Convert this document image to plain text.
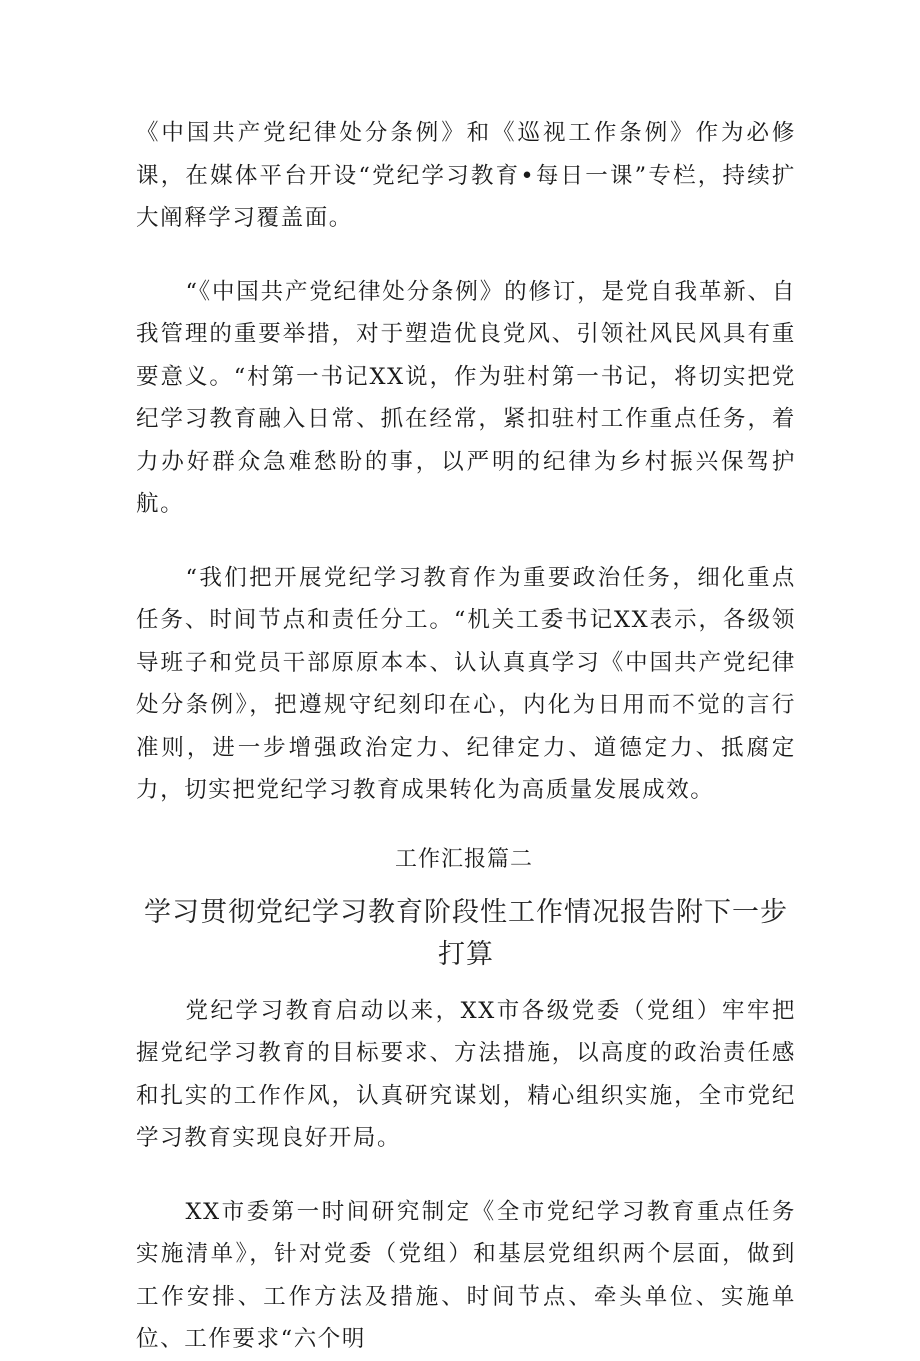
《中国共产党纪律处分条例》和《巡视工作条例》作为必修课，在媒体平台开设“党纪学习教育•每日一课”专栏，持续扩大阐释学习覆盖面。

“《中国共产党纪律处分条例》的修订，是党自我革新、自我管理的重要举措，对于塑造优良党风、引领社风民风具有重要意义。“村第一书记XX说，作为驻村第一书记，将切实把党纪学习教育融入日常、抓在经常，紧扣驻村工作重点任务，着力办好群众急难愁盼的事，以严明的纪律为乡村振兴保驾护航。

“我们把开展党纪学习教育作为重要政治任务，细化重点任务、时间节点和责任分工。“机关工委书记XX表示，各级领导班子和党员干部原原本本、认认真真学习《中国共产党纪律处分条例》，把遵规守纪刻印在心，内化为日用而不觉的言行准则，进一步增强政治定力、纪律定力、道德定力、抵腐定力，切实把党纪学习教育成果转化为高质量发展成效。

工作汇报篇二
学习贯彻党纪学习教育阶段性工作情况报告附下一步打算

党纪学习教育启动以来，XX市各级党委（党组）牢牢把握党纪学习教育的目标要求、方法措施，以高度的政治责任感和扎实的工作作风，认真研究谋划，精心组织实施，全市党纪学习教育实现良好开局。

XX市委第一时间研究制定《全市党纪学习教育重点任务实施清单》，针对党委（党组）和基层党组织两个层面，做到工作安排、工作方法及措施、时间节点、牵头单位、实施单位、工作要求“六个明
